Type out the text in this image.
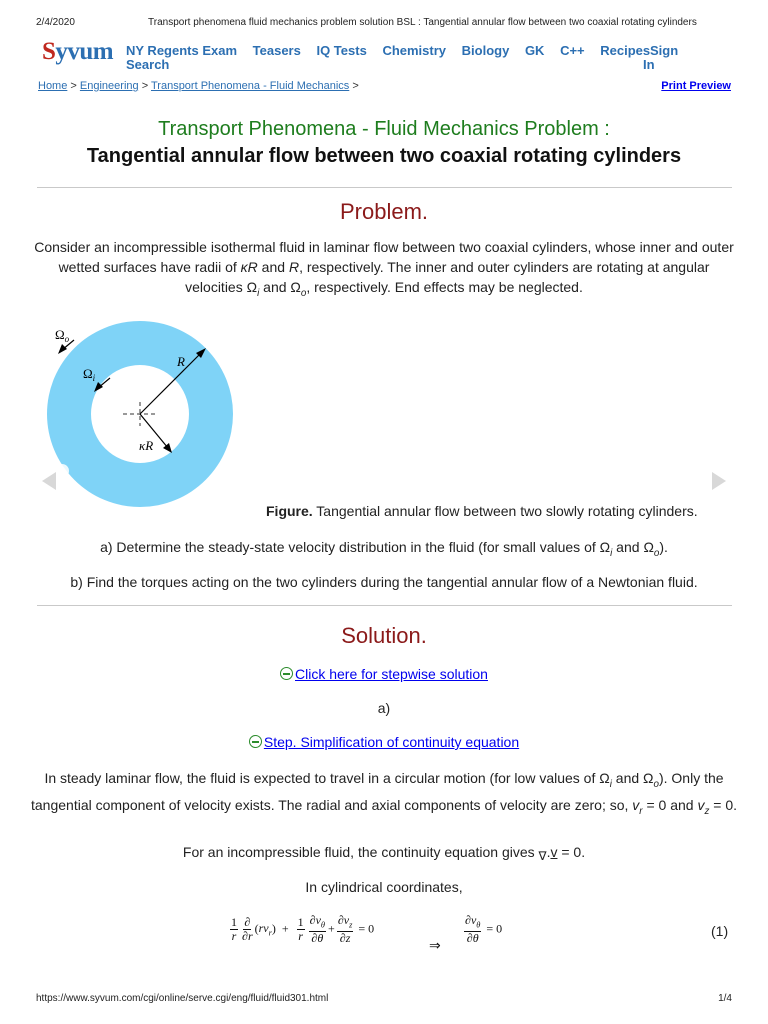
2/4/2020	Transport phenomena fluid mechanics problem solution BSL : Tangential annular flow between two coaxial rotating cylinders
Syvum NY Regents Exam Teasers IQ Tests Chemistry Biology GK C++ Recipes Sign
In
Search
Home > Engineering > Transport Phenomena - Fluid Mechanics >	Print Preview
Transport Phenomena - Fluid Mechanics Problem :
Tangential annular flow between two coaxial rotating cylinders
Problem.
Consider an incompressible isothermal fluid in laminar flow between two coaxial cylinders, whose inner and outer wetted surfaces have radii of κR and R, respectively. The inner and outer cylinders are rotating at angular velocities $\Omega_i$ and $\Omega_o$, respectively. End effects may be neglected.
$\Omega_o$
$\Omega_i$
R
κR
Figure. Tangential annular flow between two slowly rotating cylinders.
a) Determine the steady-state velocity distribution in the fluid (for small values of $\Omega_i$ and $\Omega_o$).
b) Find the torques acting on the two cylinders during the tangential annular flow of a Newtonian fluid.
Solution.
Click here for stepwise solution
a)
Step. Simplification of continuity equation
In steady laminar flow, the fluid is expected to travel in a circular motion (for low values of $\Omega_i$ and $\Omega_o$). Only the tangential component of velocity exists. The radial and axial components of velocity are zero; so, $v_r = 0$ and $v_z = 0$.
For an incompressible fluid, the continuity equation gives ∇.v = 0.
In cylindrical coordinates,
$\frac{1}{r} \frac{\partial}{\partial r} (rv_r) + \frac{1}{r} \frac{\partial v_\theta}{\partial\theta} + \frac{\partial v_z}{\partial z} = 0$
⇒
$\frac{\partial v_\theta}{\partial\theta} = 0$	(1)
https://www.syvum.com/cgi/online/serve.cgi/eng/fluid/fluid301.html	1/4
